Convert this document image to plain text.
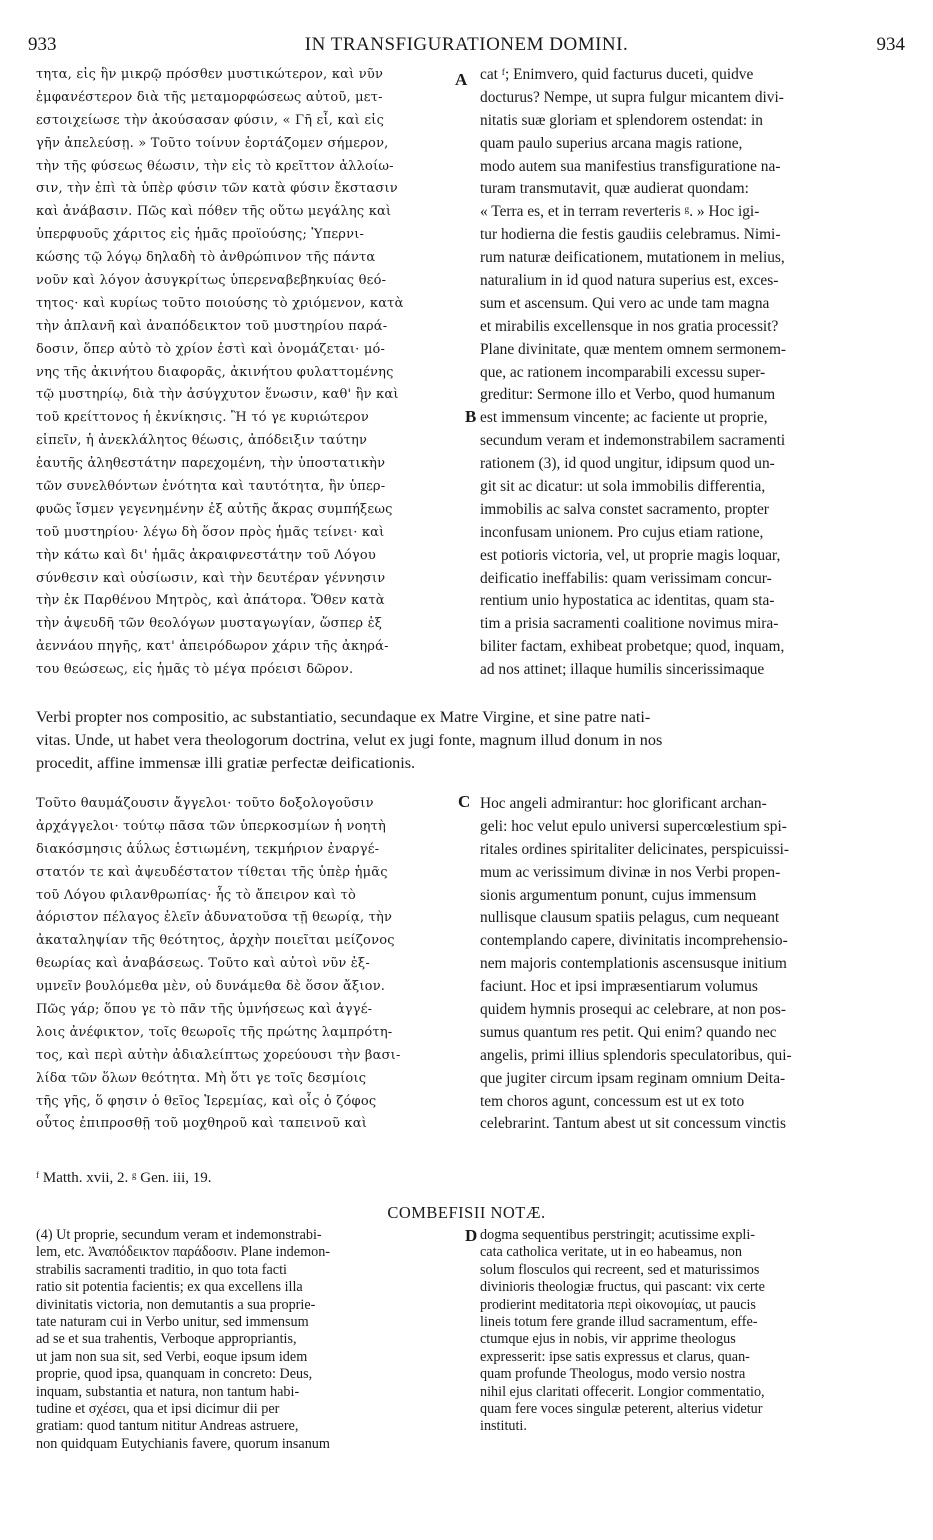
933	IN TRANSFIGURATIONEM DOMINI.	934
τητα, εἰς ἣν μικρῷ πρόσθεν μυστικώτερον, καὶ νῦν
ἐμφανέστερον διὰ τῆς μεταμορφώσεως αὐτοῦ, μετ-
εστοιχείωσε τὴν ἀκούσασαν φύσιν, « Γῆ εἶ, καὶ εἰς
γῆν ἀπελεύσῃ. » Τοῦτο τοίνυν ἑορτάζομεν σήμερον,
τὴν τῆς φύσεως θέωσιν, τὴν εἰς τὸ κρεῖττον ἀλλοίω-
σιν, τὴν ἐπὶ τὰ ὑπὲρ φύσιν τῶν κατὰ φύσιν ἔκστασιν
καὶ ἀνάβασιν. Πῶς καὶ πόθεν τῆς οὕτω μεγάλης καὶ
ὑπερφυοῦς χάριτος εἰς ἡμᾶς προϊούσης; Ὑπερνι-
κώσης τῷ λόγῳ δηλαδὴ τὸ ἀνθρώπινον τῆς πάντα
νοῦν καὶ λόγον ἀσυγκρίτως ὑπερεναβεβηκυίας θεό-
τητος· καὶ κυρίως τοῦτο ποιούσης τὸ χριόμενον, κατὰ
τὴν ἀπλανῆ καὶ ἀναπόδεικτον τοῦ μυστηρίου παρά-
δοσιν, ὅπερ αὐτὸ τὸ χρίον ἐστὶ καὶ ὀνομάζεται· μό-
νης τῆς ἀκινήτου διαφορᾶς, ἀκινήτου φυλαττομένης
τῷ μυστηρίῳ, διὰ τὴν ἀσύγχυτον ἕνωσιν, καθ' ἣν καὶ
τοῦ κρείττονος ἡ ἐκνίκησις. Ἢ τό γε κυριώτερον
εἰπεῖν, ἡ ἀνεκλάλητος θέωσις, ἀπόδειξιν ταύτην
ἑαυτῆς ἀληθεστάτην παρεχομένη, τὴν ὑποστατικὴν
τῶν συνελθόντων ἑνότητα καὶ ταυτότητα, ἣν ὑπερ-
φυῶς ἴσμεν γεγενημένην ἐξ αὐτῆς ἄκρας συμπήξεως
τοῦ μυστηρίου· λέγω δὴ ὅσον πρὸς ἡμᾶς τείνει· καὶ
τὴν κάτω καὶ δι' ἡμᾶς ἀκραιφνεστάτην τοῦ Λόγου
σύνθεσιν καὶ οὐσίωσιν, καὶ τὴν δευτέραν γέννησιν
τὴν ἐκ Παρθένου Μητρὸς, καὶ ἀπάτορα. Ὅθεν κατὰ
τὴν ἀψευδῆ τῶν θεολόγων μυσταγωγίαν, ὥσπερ ἐξ
ἀεννάου πηγῆς, κατ' ἀπειρόδωρον χάριν τῆς ἀκηρά-
του θεώσεως, εἰς ἡμᾶς τὸ μέγα πρόεισι δῶρον.
cat ᶠ; Enimvero, quid facturus duceti, quidve
docturus? Nempe, ut supra fulgur micantem divi-
nitatis suæ gloriam et splendorem ostendat: in
quam paulo superius arcana magis ratione,
modo autem sua manifestius transfiguratione na-
turam transmutavit, quæ audierat quondam:
« Terra es, et in terram reverteris ᵍ. » Hoc igi-
tur hodierna die festis gaudiis celebramus. Nimi-
rum naturæ deificationem, mutationem in melius,
naturalium in id quod natura superius est, exces-
sum et ascensum. Qui vero ac unde tam magna
et mirabilis excellensque in nos gratia processit?
Plane divinitate, quæ mentem omnem sermonem-
que, ac rationem incomparabili excessu super-
greditur: Sermone illo et Verbo, quod humanum
est immensum vincente; ac faciente ut proprie,
secundum veram et indemonstrabilem sacramenti
rationem (3), id quod ungitur, idipsum quod un-
git sit ac dicatur: ut sola immobilis differentia,
immobilis ac salva constet sacramento, propter
inconfusam unionem. Pro cujus etiam ratione,
est potioris victoria, vel, ut proprie magis loquar,
deificatio ineffabilis: quam verissimam concur-
rentium unio hypostatica ac identitas, quam sta-
tim a prisia sacramenti coalitione novimus mira-
biliter factam, exhibeat probetque; quod, inquam,
ad nos attinet; illaque humilis sincerissimaque
A
B
C
D
Verbi propter nos compositio, ac substantiatio, secundaque ex Matre Virgine, et sine patre nati-
vitas. Unde, ut habet vera theologorum doctrina, velut ex jugi fonte, magnum illud donum in nos
procedit, affine immensæ illi gratiæ perfectæ deificationis.
Τοῦτο θαυμάζουσιν ἄγγελοι· τοῦτο δοξολογοῦσιν
ἀρχάγγελοι· τούτῳ πᾶσα τῶν ὑπερκοσμίων ἡ νοητὴ
διακόσμησις ἀΰλως ἑστιωμένη, τεκμήριον ἐναργέ-
στατόν τε καὶ ἀψευδέστατον τίθεται τῆς ὑπὲρ ἡμᾶς
τοῦ Λόγου φιλανθρωπίας· ἧς τὸ ἄπειρον καὶ τὸ
ἀόριστον πέλαγος ἑλεῖν ἀδυνατοῦσα τῇ θεωρίᾳ, τὴν
ἀκαταληψίαν τῆς θεότητος, ἀρχὴν ποιεῖται μείζονος
θεωρίας καὶ ἀναβάσεως. Τοῦτο καὶ αὐτοὶ νῦν ἐξ-
υμνεῖν βουλόμεθα μὲν, οὐ δυνάμεθα δὲ ὅσον ἄξιον.
Πῶς γάρ; ὅπου γε τὸ πᾶν τῆς ὑμνήσεως καὶ ἀγγέ-
λοις ἀνέφικτον, τοῖς θεωροῖς τῆς πρώτης λαμπρότη-
τος, καὶ περὶ αὐτὴν ἀδιαλείπτως χορεύουσι τὴν βασι-
λίδα τῶν ὅλων θεότητα. Μὴ ὅτι γε τοῖς δεσμίοις
τῆς γῆς, ὅ φησιν ὁ θεῖος Ἱερεμίας, καὶ οἷς ὁ ζόφος
οὗτος ἐπιπροσθῇ τοῦ μοχθηροῦ καὶ ταπεινοῦ καὶ
Hoc angeli admirantur: hoc glorificant archan-
geli: hoc velut epulo universi supercœlestium spi-
ritales ordines spiritaliter delicinates, perspicuissi-
mum ac verissimum divinæ in nos Verbi propen-
sionis argumentum ponunt, cujus immensum
nullisque clausum spatiis pelagus, cum nequeant
contemplando capere, divinitatis incomprehensio-
nem majoris contemplationis ascensusque initium
faciunt. Hoc et ipsi impræsentiarum volumus
quidem hymnis prosequi ac celebrare, at non pos-
sumus quantum res petit. Qui enim? quando nec
angelis, primi illius splendoris speculatoribus, qui-
que jugiter circum ipsam reginam omnium Deita-
tem choros agunt, concessum est ut ex toto
celebrarint. Tantum abest ut sit concessum vinctis
ᶠ Matth. xvii, 2. ᵍ Gen. iii, 19.
COMBEFISII NOTÆ.
(4) Ut proprie, secundum veram et indemonstrabi-
lem, etc. Ἀναπόδεικτον παράδοσιν. Plane indemon-
strabilis sacramenti traditio, in quo tota facti
ratio sit potentia facientis; ex qua excellens illa
divinitatis victoria, non demutantis a sua proprie-
tate naturam cui in Verbo unitur, sed immensum
ad se et sua trahentis, Verboque appropriantis,
ut jam non sua sit, sed Verbi, eoque ipsum idem
proprie, quod ipsa, quanquam in concreto: Deus,
inquam, substantia et natura, non tantum habi-
tudine et σχέσει, qua et ipsi dicimur dii per
gratiam: quod tantum nititur Andreas astruere,
non quidquam Eutychianis favere, quorum insanum
dogma sequentibus perstringit; acutissime expli-
cata catholica veritate, ut in eo habeamus, non
solum flosculos qui recreent, sed et maturissimos
divinioris theologiæ fructus, qui pascant: vix certe
prodierint meditatoria περὶ οἰκονομίας, ut paucis
lineis totum fere grande illud sacramentum, effe-
ctumque ejus in nobis, vir apprime theologus
expresserit: ipse satis expressus et clarus, quan-
quam profunde Theologus, modo versio nostra
nihil ejus claritati offecerit. Longior commentatio,
quam fere voces singulæ peterent, alterius videtur
instituti.
